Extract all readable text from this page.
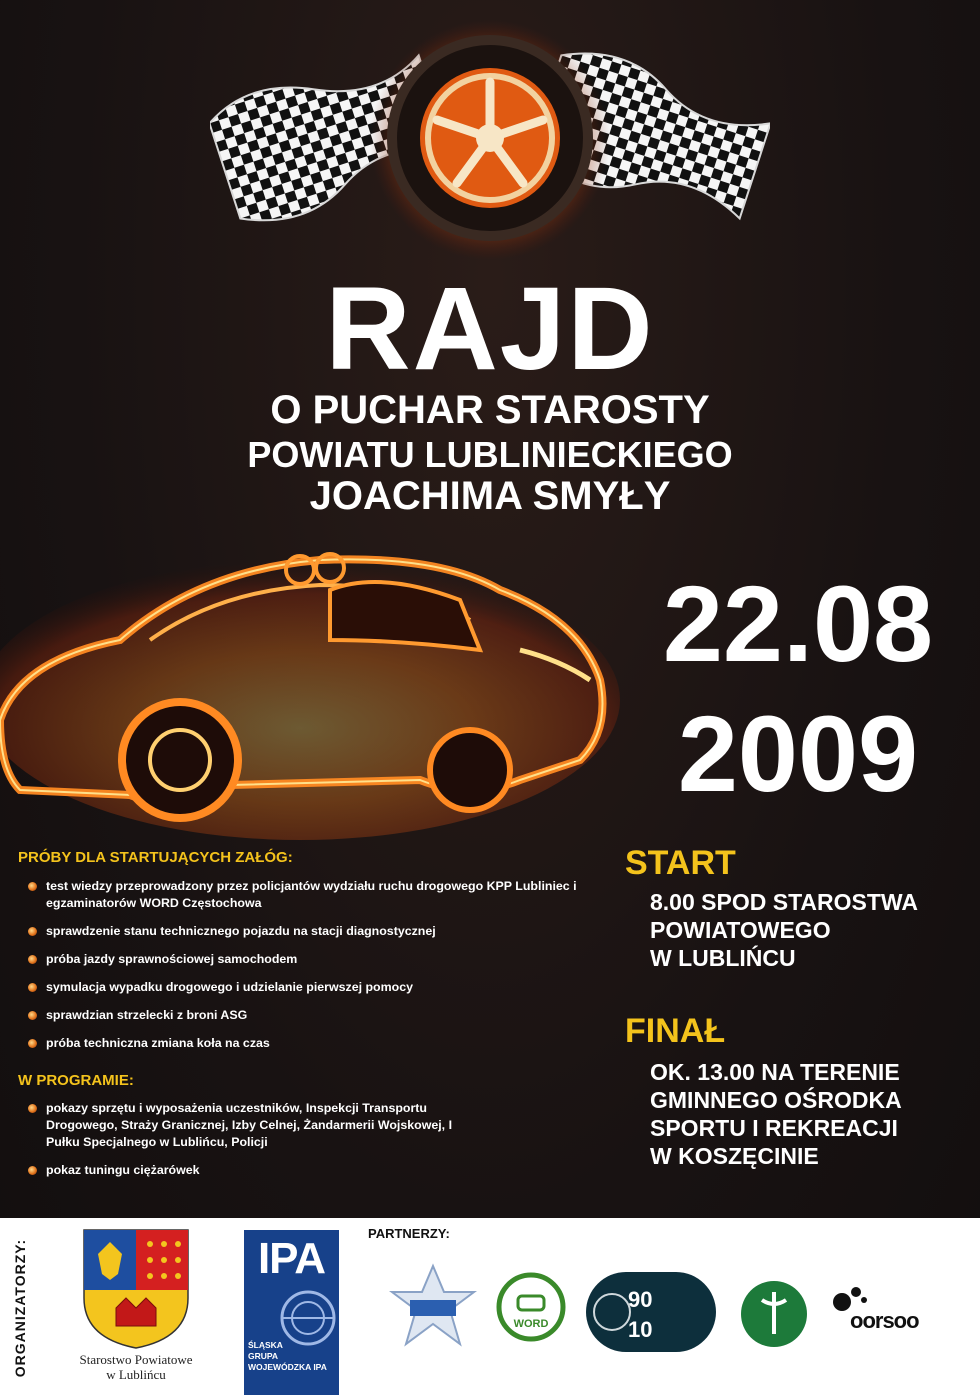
RAJD
O PUCHAR STAROSTY
POWIATU LUBLINIECKIEGO
JOACHIMA SMYŁY
22.08
2009
PRÓBY DLA STARTUJĄCYCH ZAŁÓG:
test wiedzy przeprowadzony przez policjantów wydziału ruchu drogowego KPP Lubliniec i egzaminatorów WORD Częstochowa
sprawdzenie stanu technicznego pojazdu na stacji diagnostycznej
próba jazdy sprawnościowej samochodem
symulacja wypadku drogowego i udzielanie pierwszej pomocy
sprawdzian strzelecki z broni ASG
próba techniczna zmiana koła na czas
W PROGRAMIE:
pokazy sprzętu i wyposażenia uczestników, Inspekcji Transportu Drogowego, Straży Granicznej, Izby Celnej, Żandarmerii Wojskowej, I Pułku Specjalnego w Lublińcu, Policji
pokaz tuningu ciężarówek
START
8.00 SPOD STAROSTWA
POWIATOWEGO
W LUBLIŃCU
FINAŁ
OK. 13.00 NA TERENIE
GMINNEGO OŚRODKA
SPORTU I REKREACJI
W KOSZĘCINIE
ORGANIZATORZY:	Starostwo Powiatowe
w Lublińcu
IPA
ŚLĄSKA
GRUPA
WOJEWÓDZKA IPA
PARTNERZY:
WORD
90
10	oorsoo
